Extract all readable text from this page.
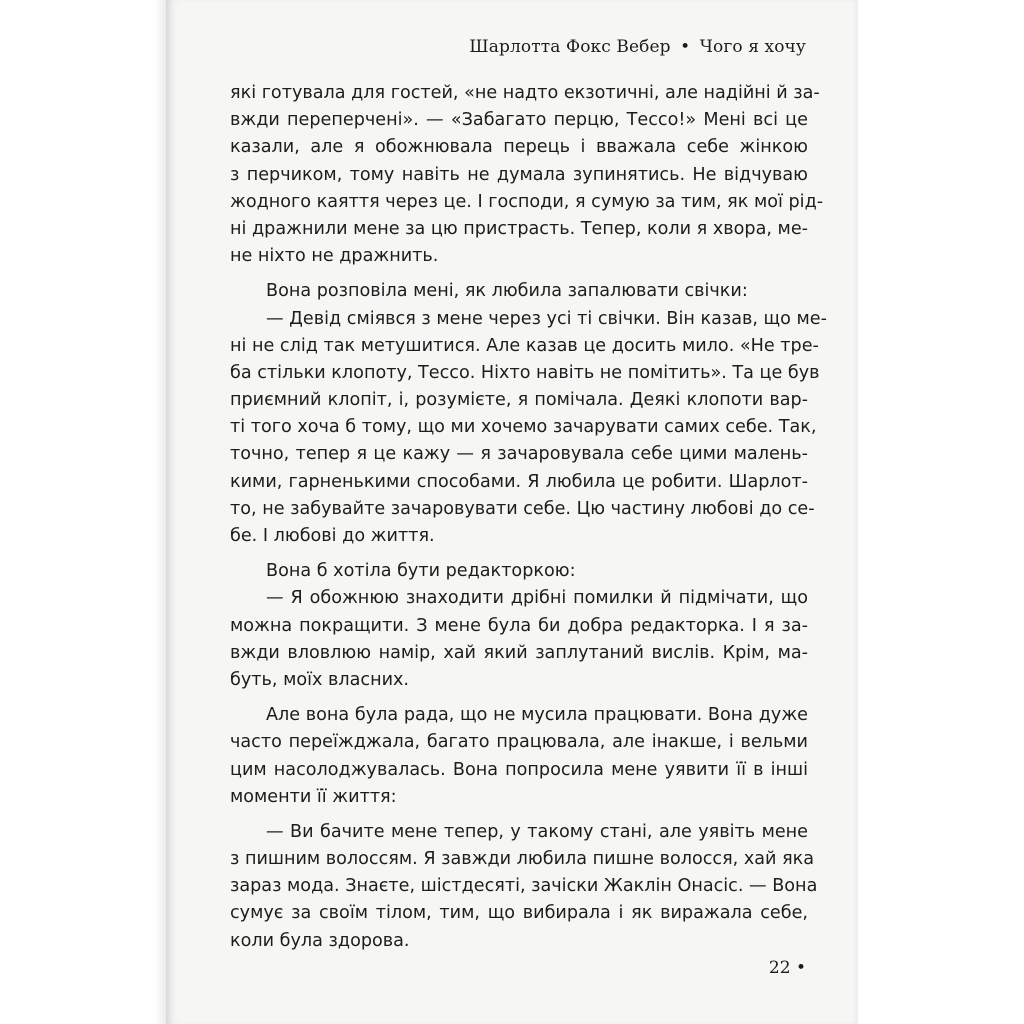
Шарлотта Фокс Вебер • Чого я хочу
які готувала для гостей, «не надто екзотичні, але надійні й за-
вжди переперчені». — «Забагато перцю, Тессо!» Мені всі це
казали, але я обожнювала перець і вважала себе жінкою
з перчиком, тому навіть не думала зупинятись. Не відчуваю
жодного каяття через це. І господи, я сумую за тим, як мої рід-
ні дражнили мене за цю пристрасть. Тепер, коли я хвора, ме-
не ніхто не дражнить.
Вона розповіла мені, як любила запалювати свічки:
— Девід сміявся з мене через усі ті свічки. Він казав, що ме-
ні не слід так метушитися. Але казав це досить мило. «Не тре-
ба стільки клопоту, Тессо. Ніхто навіть не помітить». Та це був
приємний клопіт, і, розумієте, я помічала. Деякі клопоти вар-
ті того хоча б тому, що ми хочемо зачарувати самих себе. Так,
точно, тепер я це кажу — я зачаровувала себе цими малень-
кими, гарненькими способами. Я любила це робити. Шарлот-
то, не забувайте зачаровувати себе. Цю частину любові до се-
бе. І любові до життя.
Вона б хотіла бути редакторкою:
— Я обожнюю знаходити дрібні помилки й підмічати, що
можна покращити. З мене була би добра редакторка. І я за-
вжди вловлюю намір, хай який заплутаний вислів. Крім, ма-
буть, моїх власних.
Але вона була рада, що не мусила працювати. Вона дуже
часто переїжджала, багато працювала, але інакше, і вельми
цим насолоджувалась. Вона попросила мене уявити її в інші
моменти її життя:
— Ви бачите мене тепер, у такому стані, але уявіть мене
з пишним волоссям. Я завжди любила пишне волосся, хай яка
зараз мода. Знаєте, шістдесяті, зачіски Жаклін Онасіс. — Вона
сумує за своїм тілом, тим, що вибирала і як виражала себе,
коли була здорова.
22 •
